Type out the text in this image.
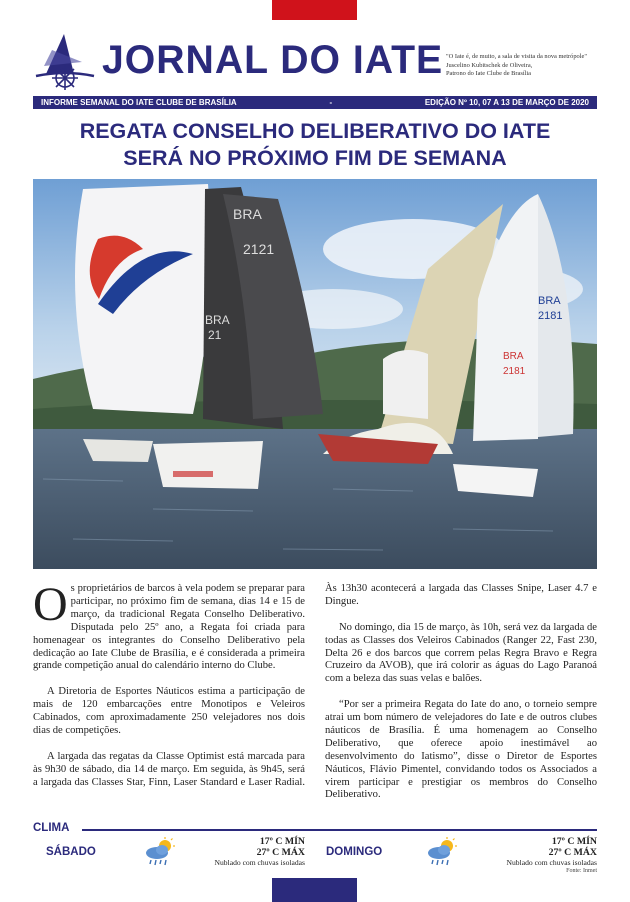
JORNAL DO IATE "O Iate é, de muito, a sala de visita da nova metrópole"
Juscelino Kubitschek de Oliveira,
Patrono do Iate Clube de Brasília
INFORME SEMANAL DO IATE CLUBE DE BRASÍLIA	-	EDIÇÃO Nº 10, 07 A 13 DE MARÇO DE 2020
REGATA CONSELHO DELIBERATIVO DO IATE
SERÁ NO PRÓXIMO FIM DE SEMANA
BRA
2121
BRA
21
BRA
2181
BRA
2181

Os proprietários de barcos à vela podem se preparar para participar, no próximo fim de semana, dias 14 e 15 de março, da tradicional Regata Conselho Deliberativo. Disputada pelo 25º ano, a Regata foi criada para homenagear os integrantes do Conselho Deliberativo pela dedicação ao Iate Clube de Brasília, e é considerada a primeira grande competição anual do calendário interno do Clube.

A Diretoria de Esportes Náuticos estima a participação de mais de 120 embarcações entre Monotipos e Veleiros Cabinados, com aproximadamente 250 velejadores nos dois dias de competições.

A largada das regatas da Classe Optimist está marcada para às 9h30 de sábado, dia 14 de março. Em seguida, às 9h45, será a largada das Classes Star, Finn, Laser Standard e Laser Radial. Às 13h30 acontecerá a largada das Classes Snipe, Laser 4.7 e Dingue.

No domingo, dia 15 de março, às 10h, será vez da largada de todas as Classes dos Veleiros Cabinados (Ranger 22, Fast 230, Delta 26 e dos barcos que correm pelas Regra Bravo e Regra Cruzeiro da AVOB), que irá colorir as águas do Lago Paranoá com a beleza das suas velas e balões.

“Por ser a primeira Regata do Iate do ano, o torneio sempre atrai um bom número de velejadores do Iate e de outros clubes náuticos de Brasília. É uma homenagem ao Conselho Deliberativo, que oferece apoio inestimável ao desenvolvimento do Iatismo”, disse o Diretor de Esportes Náuticos, Flávio Pimentel, convidando todos os Associados a virem participar e prestigiar os membros do Conselho Deliberativo.

CLIMA
SÁBADO
17º C MÍN
27º C MÁX
Nublado com chuvas isoladas
DOMINGO
17º C MÍN
27º C MÁX
Nublado com chuvas isoladas
Fonte: Inmet
